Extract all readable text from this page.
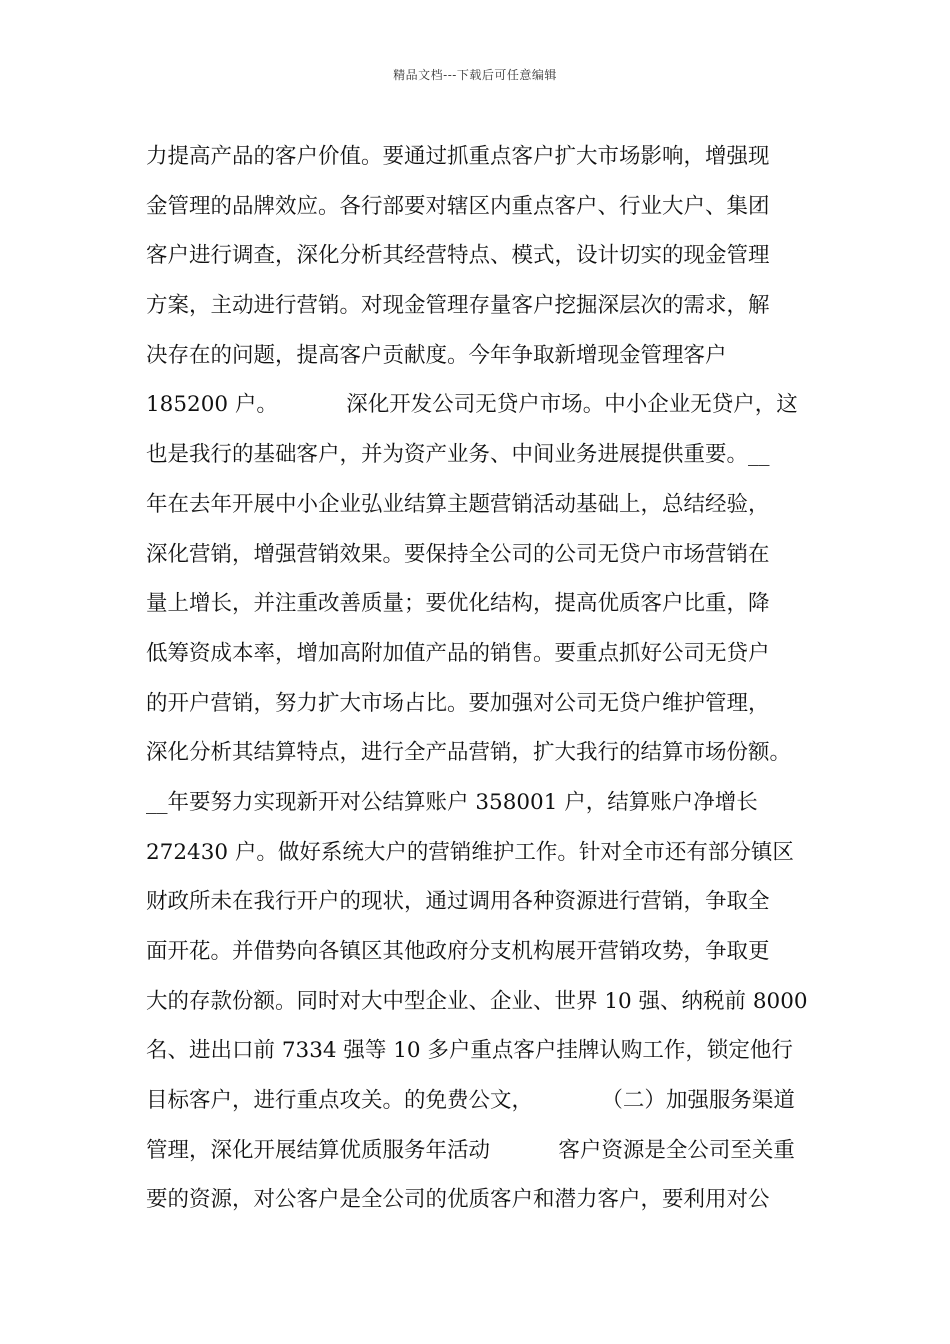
精品文档---下载后可任意编辑
力提高产品的客户价值。要通过抓重点客户扩大市场影响，增强现
金管理的品牌效应。各行部要对辖区内重点客户、行业大户、集团
客户进行调查，深化分析其经营特点、模式，设计切实的现金管理
方案，主动进行营销。对现金管理存量客户挖掘深层次的需求，解
决存在的问题，提高客户贡献度。今年争取新增现金管理客户
185200 户。          深化开发公司无贷户市场。中小企业无贷户，这
也是我行的基础客户，并为资产业务、中间业务进展提供重要。__
年在去年开展中小企业弘业结算主题营销活动基础上，总结经验，
深化营销，增强营销效果。要保持全公司的公司无贷户市场营销在
量上增长，并注重改善质量；要优化结构，提高优质客户比重，降
低筹资成本率，增加高附加值产品的销售。要重点抓好公司无贷户
的开户营销，努力扩大市场占比。要加强对公司无贷户维护管理，
深化分析其结算特点，进行全产品营销，扩大我行的结算市场份额。
__年要努力实现新开对公结算账户 358001 户，结算账户净增长
272430 户。做好系统大户的营销维护工作。针对全市还有部分镇区
财政所未在我行开户的现状，通过调用各种资源进行营销，争取全
面开花。并借势向各镇区其他政府分支机构展开营销攻势，争取更
大的存款份额。同时对大中型企业、企业、世界 10 强、纳税前 8000
名、进出口前 7334 强等 10 多户重点客户挂牌认购工作，锁定他行
目标客户，进行重点攻关。的免费公文，          （二）加强服务渠道
管理，深化开展结算优质服务年活动          客户资源是全公司至关重
要的资源，对公客户是全公司的优质客户和潜力客户，要利用对公
